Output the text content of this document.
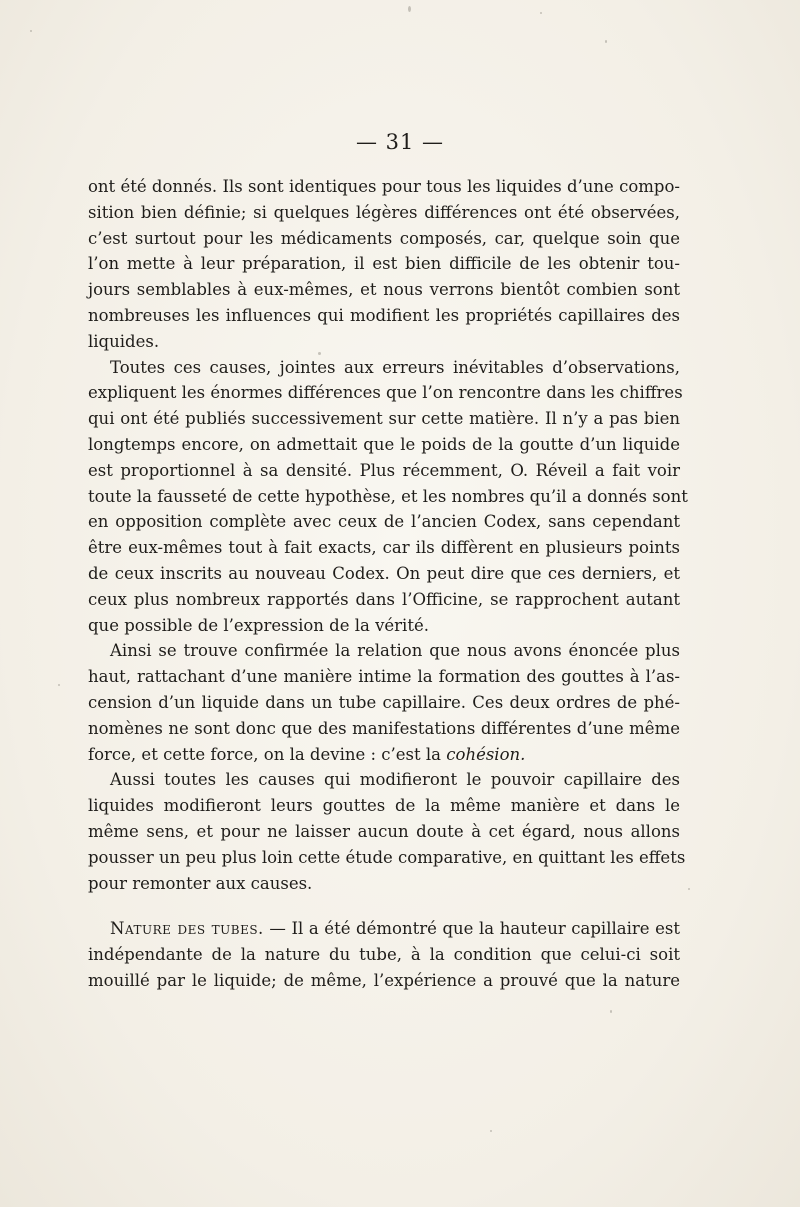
— 31 —
ont été donnés. Ils sont identiques pour tous les liquides d’une compo-
sition bien définie; si quelques légères différences ont été observées,
c’est surtout pour les médicaments composés, car, quelque soin que
l’on mette à leur préparation, il est bien difficile de les obtenir tou-
jours semblables à eux-mêmes, et nous verrons bientôt combien sont
nombreuses les influences qui modifient les propriétés capillaires des
liquides.
Toutes ces causes, jointes aux erreurs inévitables d’observations,
expliquent les énormes différences que l’on rencontre dans les chiffres
qui ont été publiés successivement sur cette matière. Il n’y a pas bien
longtemps encore, on admettait que le poids de la goutte d’un liquide
est proportionnel à sa densité. Plus récemment, O. Réveil a fait voir
toute la fausseté de cette hypothèse, et les nombres qu’il a donnés sont
en opposition complète avec ceux de l’ancien Codex, sans cependant
être eux-mêmes tout à fait exacts, car ils diffèrent en plusieurs points
de ceux inscrits au nouveau Codex. On peut dire que ces derniers, et
ceux plus nombreux rapportés dans l’Officine, se rapprochent autant
que possible de l’expression de la vérité.
Ainsi se trouve confirmée la relation que nous avons énoncée plus
haut, rattachant d’une manière intime la formation des gouttes à l’as-
cension d’un liquide dans un tube capillaire. Ces deux ordres de phé-
nomènes ne sont donc que des manifestations différentes d’une même
force, et cette force, on la devine : c’est la cohésion.
Aussi toutes les causes qui modifieront le pouvoir capillaire des
liquides modifieront leurs gouttes de la même manière et dans le
même sens, et pour ne laisser aucun doute à cet égard, nous allons
pousser un peu plus loin cette étude comparative, en quittant les effets
pour remonter aux causes.
Nature des tubes. — Il a été démontré que la hauteur capillaire est
indépendante de la nature du tube, à la condition que celui-ci soit
mouillé par le liquide; de même, l’expérience a prouvé que la nature
